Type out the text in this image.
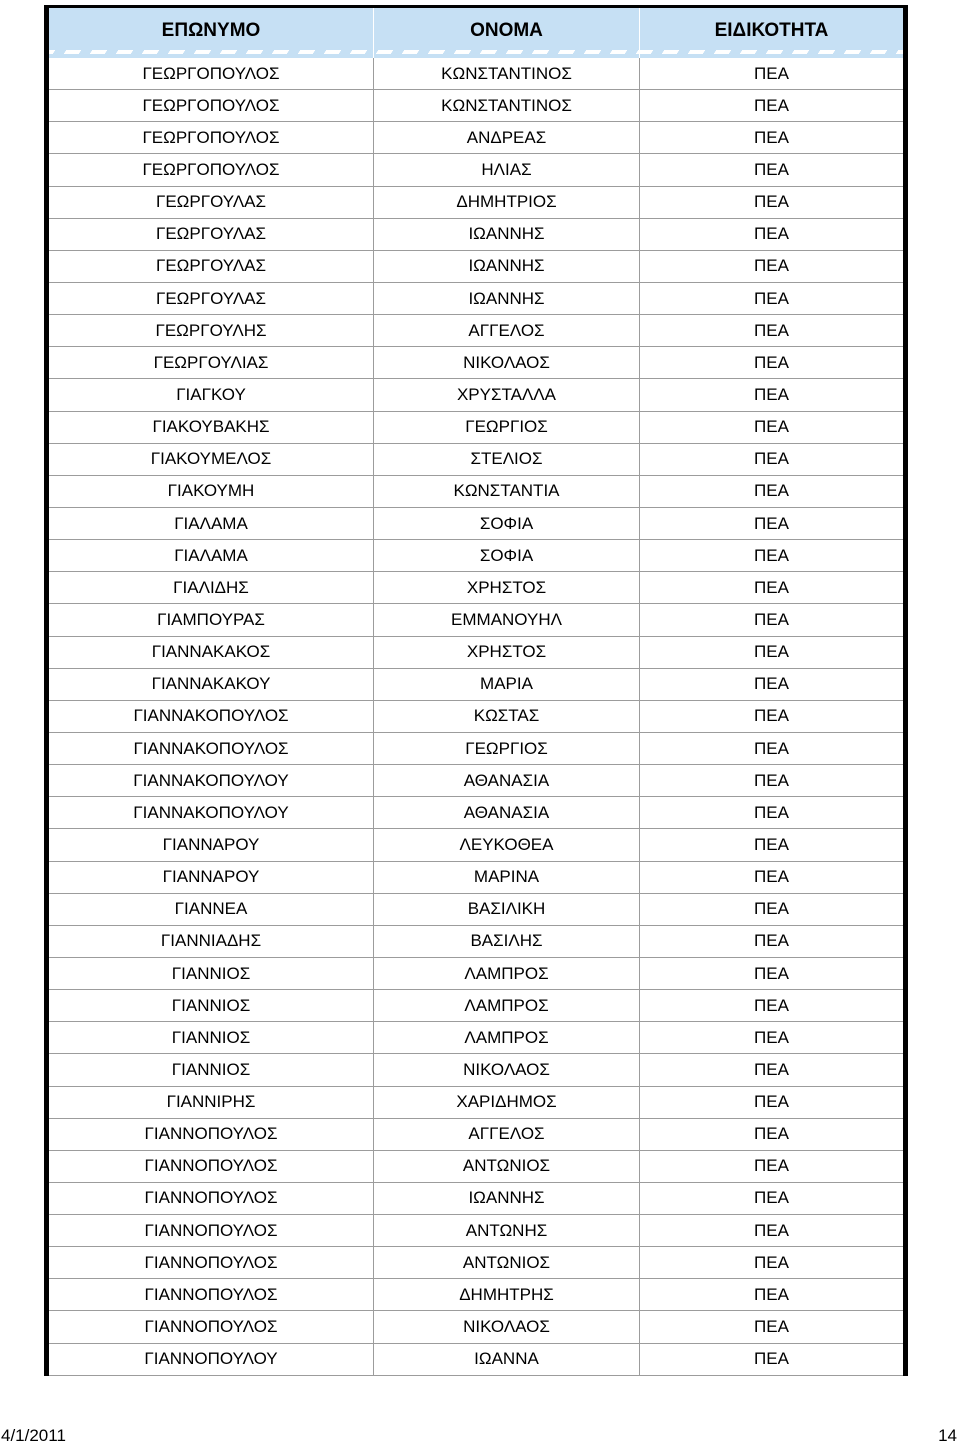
ΕΠΩΝΥΜΟ	ΟΝΟΜΑ	ΕΙΔΙΚΟΤΗΤΑ
ΓΕΩΡΓΟΠΟΥΛΟΣ	ΚΩΝΣΤΑΝΤΙΝΟΣ	ΠΕΑ
ΓΕΩΡΓΟΠΟΥΛΟΣ	ΚΩΝΣΤΑΝΤΙΝΟΣ	ΠΕΑ
ΓΕΩΡΓΟΠΟΥΛΟΣ	ΑΝΔΡΕΑΣ	ΠΕΑ
ΓΕΩΡΓΟΠΟΥΛΟΣ	ΗΛΙΑΣ	ΠΕΑ
ΓΕΩΡΓΟΥΛΑΣ	ΔΗΜΗΤΡΙΟΣ	ΠΕΑ
ΓΕΩΡΓΟΥΛΑΣ	ΙΩΑΝΝΗΣ	ΠΕΑ
ΓΕΩΡΓΟΥΛΑΣ	ΙΩΑΝΝΗΣ	ΠΕΑ
ΓΕΩΡΓΟΥΛΑΣ	ΙΩΑΝΝΗΣ	ΠΕΑ
ΓΕΩΡΓΟΥΛΗΣ	ΑΓΓΕΛΟΣ	ΠΕΑ
ΓΕΩΡΓΟΥΛΙΑΣ	ΝΙΚΟΛΑΟΣ	ΠΕΑ
ΓΙΑΓΚΟΥ	ΧΡΥΣΤΑΛΛΑ	ΠΕΑ
ΓΙΑΚΟΥΒΑΚΗΣ	ΓΕΩΡΓΙΟΣ	ΠΕΑ
ΓΙΑΚΟΥΜΕΛΟΣ	ΣΤΕΛΙΟΣ	ΠΕΑ
ΓΙΑΚΟΥΜΗ	ΚΩΝΣΤΑΝΤΙΑ	ΠΕΑ
ΓΙΑΛΑΜΑ	ΣΟΦΙΑ	ΠΕΑ
ΓΙΑΛΑΜΑ	ΣΟΦΙΑ	ΠΕΑ
ΓΙΑΛΙΔΗΣ	ΧΡΗΣΤΟΣ	ΠΕΑ
ΓΙΑΜΠΟΥΡΑΣ	ΕΜΜΑΝΟΥΗΛ	ΠΕΑ
ΓΙΑΝΝΑΚΑΚΟΣ	ΧΡΗΣΤΟΣ	ΠΕΑ
ΓΙΑΝΝΑΚΑΚΟΥ	ΜΑΡΙΑ	ΠΕΑ
ΓΙΑΝΝΑΚΟΠΟΥΛΟΣ	ΚΩΣΤΑΣ	ΠΕΑ
ΓΙΑΝΝΑΚΟΠΟΥΛΟΣ	ΓΕΩΡΓΙΟΣ	ΠΕΑ
ΓΙΑΝΝΑΚΟΠΟΥΛΟΥ	ΑΘΑΝΑΣΙΑ	ΠΕΑ
ΓΙΑΝΝΑΚΟΠΟΥΛΟΥ	ΑΘΑΝΑΣΙΑ	ΠΕΑ
ΓΙΑΝΝΑΡΟΥ	ΛΕΥΚΟΘΕΑ	ΠΕΑ
ΓΙΑΝΝΑΡΟΥ	ΜΑΡΙΝΑ	ΠΕΑ
ΓΙΑΝΝΕΑ	ΒΑΣΙΛΙΚΗ	ΠΕΑ
ΓΙΑΝΝΙΑΔΗΣ	ΒΑΣΙΛΗΣ	ΠΕΑ
ΓΙΑΝΝΙΟΣ	ΛΑΜΠΡΟΣ	ΠΕΑ
ΓΙΑΝΝΙΟΣ	ΛΑΜΠΡΟΣ	ΠΕΑ
ΓΙΑΝΝΙΟΣ	ΛΑΜΠΡΟΣ	ΠΕΑ
ΓΙΑΝΝΙΟΣ	ΝΙΚΟΛΑΟΣ	ΠΕΑ
ΓΙΑΝΝΙΡΗΣ	ΧΑΡΙΔΗΜΟΣ	ΠΕΑ
ΓΙΑΝΝΟΠΟΥΛΟΣ	ΑΓΓΕΛΟΣ	ΠΕΑ
ΓΙΑΝΝΟΠΟΥΛΟΣ	ΑΝΤΩΝΙΟΣ	ΠΕΑ
ΓΙΑΝΝΟΠΟΥΛΟΣ	ΙΩΑΝΝΗΣ	ΠΕΑ
ΓΙΑΝΝΟΠΟΥΛΟΣ	ΑΝΤΩΝΗΣ	ΠΕΑ
ΓΙΑΝΝΟΠΟΥΛΟΣ	ΑΝΤΩΝΙΟΣ	ΠΕΑ
ΓΙΑΝΝΟΠΟΥΛΟΣ	ΔΗΜΗΤΡΗΣ	ΠΕΑ
ΓΙΑΝΝΟΠΟΥΛΟΣ	ΝΙΚΟΛΑΟΣ	ΠΕΑ
ΓΙΑΝΝΟΠΟΥΛΟΥ	ΙΩΑΝΝΑ	ΠΕΑ
4/1/2011	14
